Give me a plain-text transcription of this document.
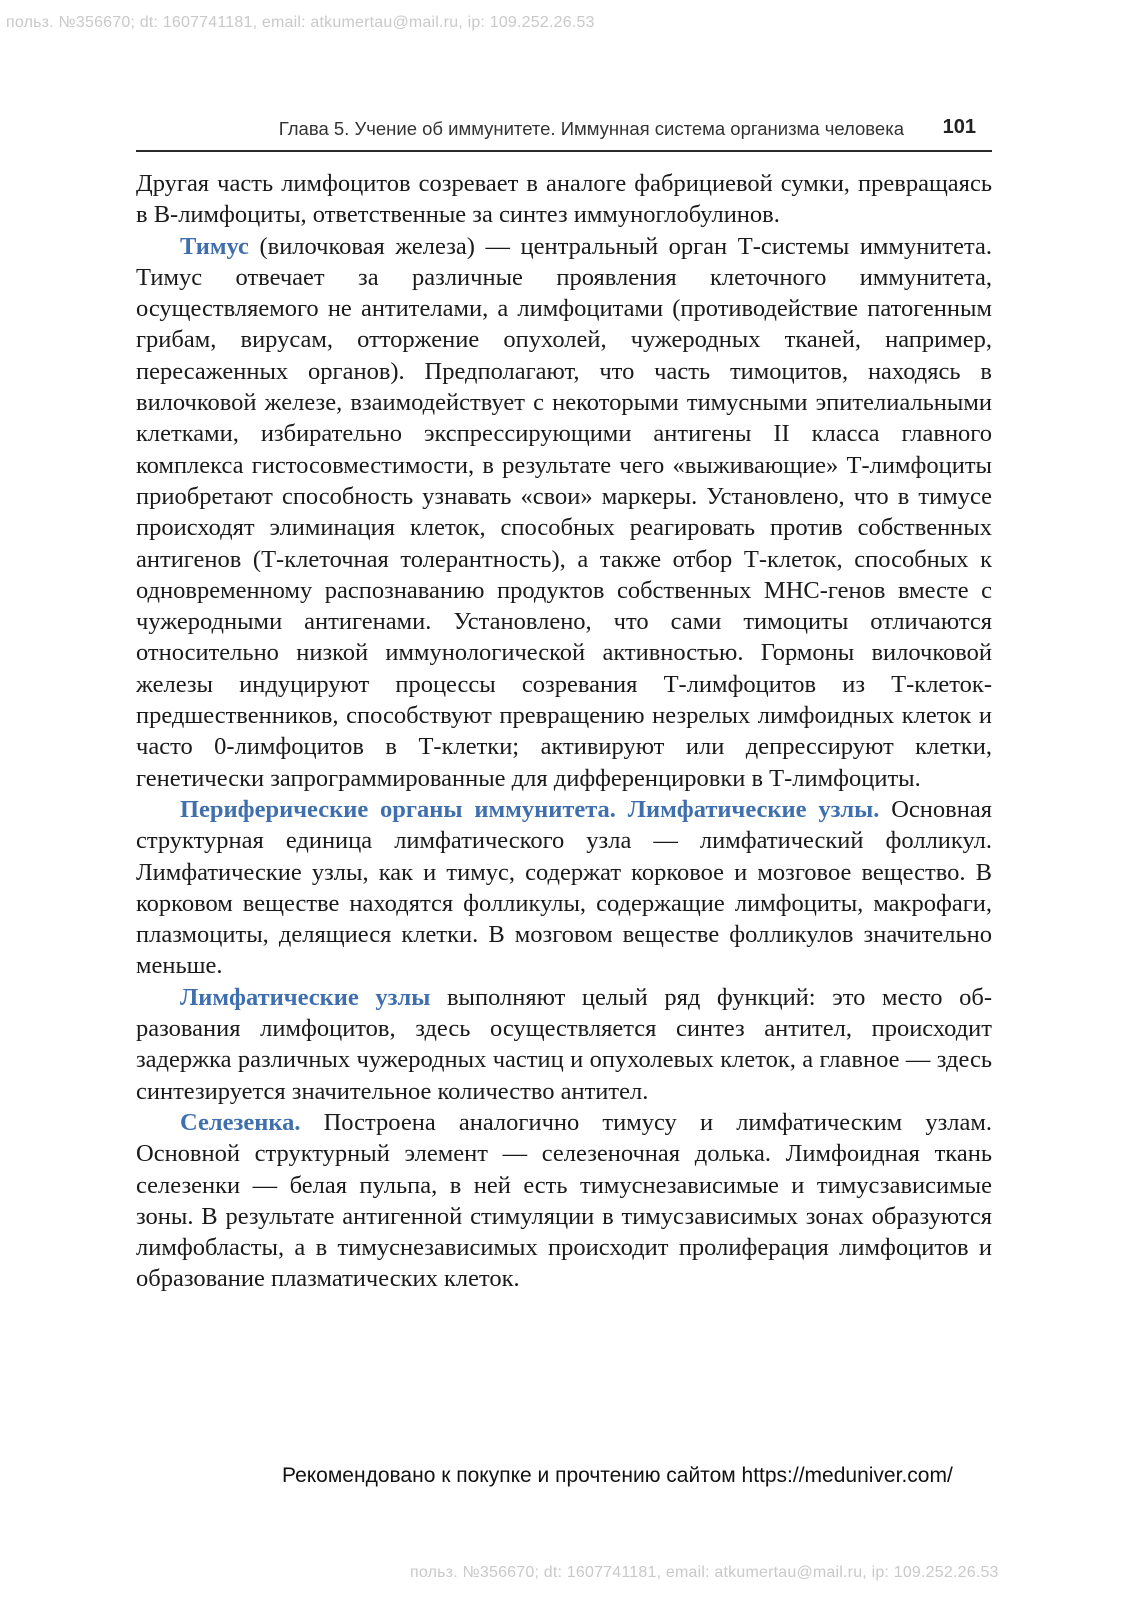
польз. №356670; dt: 1607741181, email: atkumertau@mail.ru, ip: 109.252.26.53
Глава 5. Учение об иммунитете. Иммунная система организма человека 101

Другая часть лимфоцитов созревает в аналоге фабрициевой сумки, превращаясь в В-лимфоциты, ответственные за синтез иммуноглобулинов.

Тимус (вилочковая железа) — центральный орган Т-системы иммунитета. Тимус отвечает за различные проявления клеточного иммунитета, осуществляемого не антителами, а лимфоцитами (противодействие патогенным грибам, вирусам, отторжение опухолей, чужеродных тканей, например, пересаженных органов). Предполагают, что часть тимоцитов, находясь в вилочковой железе, взаимодействует с некоторыми тимусными эпителиальными клетками, избирательно экспрессирующими антигены II класса главного комплекса гистосовместимости, в результате чего «выживающие» Т-лимфоциты приобретают способность узнавать «свои» маркеры. Установлено, что в тимусе происходят элиминация клеток, способных реагировать против собственных антигенов (Т-клеточная толерантность), а также отбор Т-клеток, способных к одновременному распознаванию продуктов собственных МНС-генов вместе с чужеродными антигенами. Установлено, что сами тимоциты отличаются относительно низкой иммунологической активностью. Гормоны вилочковой железы индуцируют процессы созревания Т-лимфоцитов из Т-клеток-предшественников, способствуют превращению незрелых лимфоидных клеток и часто 0-лимфоцитов в Т-клетки; активируют или депрессируют клетки, генетически запрограммированные для дифференцировки в Т-лимфоциты.

Периферические органы иммунитета. Лимфатические узлы. Основная структурная единица лимфатического узла — лимфатический фолликул. Лимфатические узлы, как и тимус, содержат корковое и мозговое вещество. В корковом веществе находятся фолликулы, содержащие лимфоциты, макрофаги, плазмоциты, делящиеся клетки. В мозговом веществе фолликулов значительно меньше.

Лимфатические узлы выполняют целый ряд функций: это место образования лимфоцитов, здесь осуществляется синтез антител, происходит задержка различных чужеродных частиц и опухолевых клеток, а главное — здесь синтезируется значительное количество антител.

Селезенка. Построена аналогично тимусу и лимфатическим узлам. Основной структурный элемент — селезеночная долька. Лимфоидная ткань селезенки — белая пульпа, в ней есть тимуснезависимые и тимусзависимые зоны. В результате антигенной стимуляции в тимусзависимых зонах образуются лимфобласты, а в тимуснезависимых происходит пролиферация лимфоцитов и образование плазматических клеток.

Рекомендовано к покупке и прочтению сайтом https://meduniver.com/
польз. №356670; dt: 1607741181, email: atkumertau@mail.ru, ip: 109.252.26.53
